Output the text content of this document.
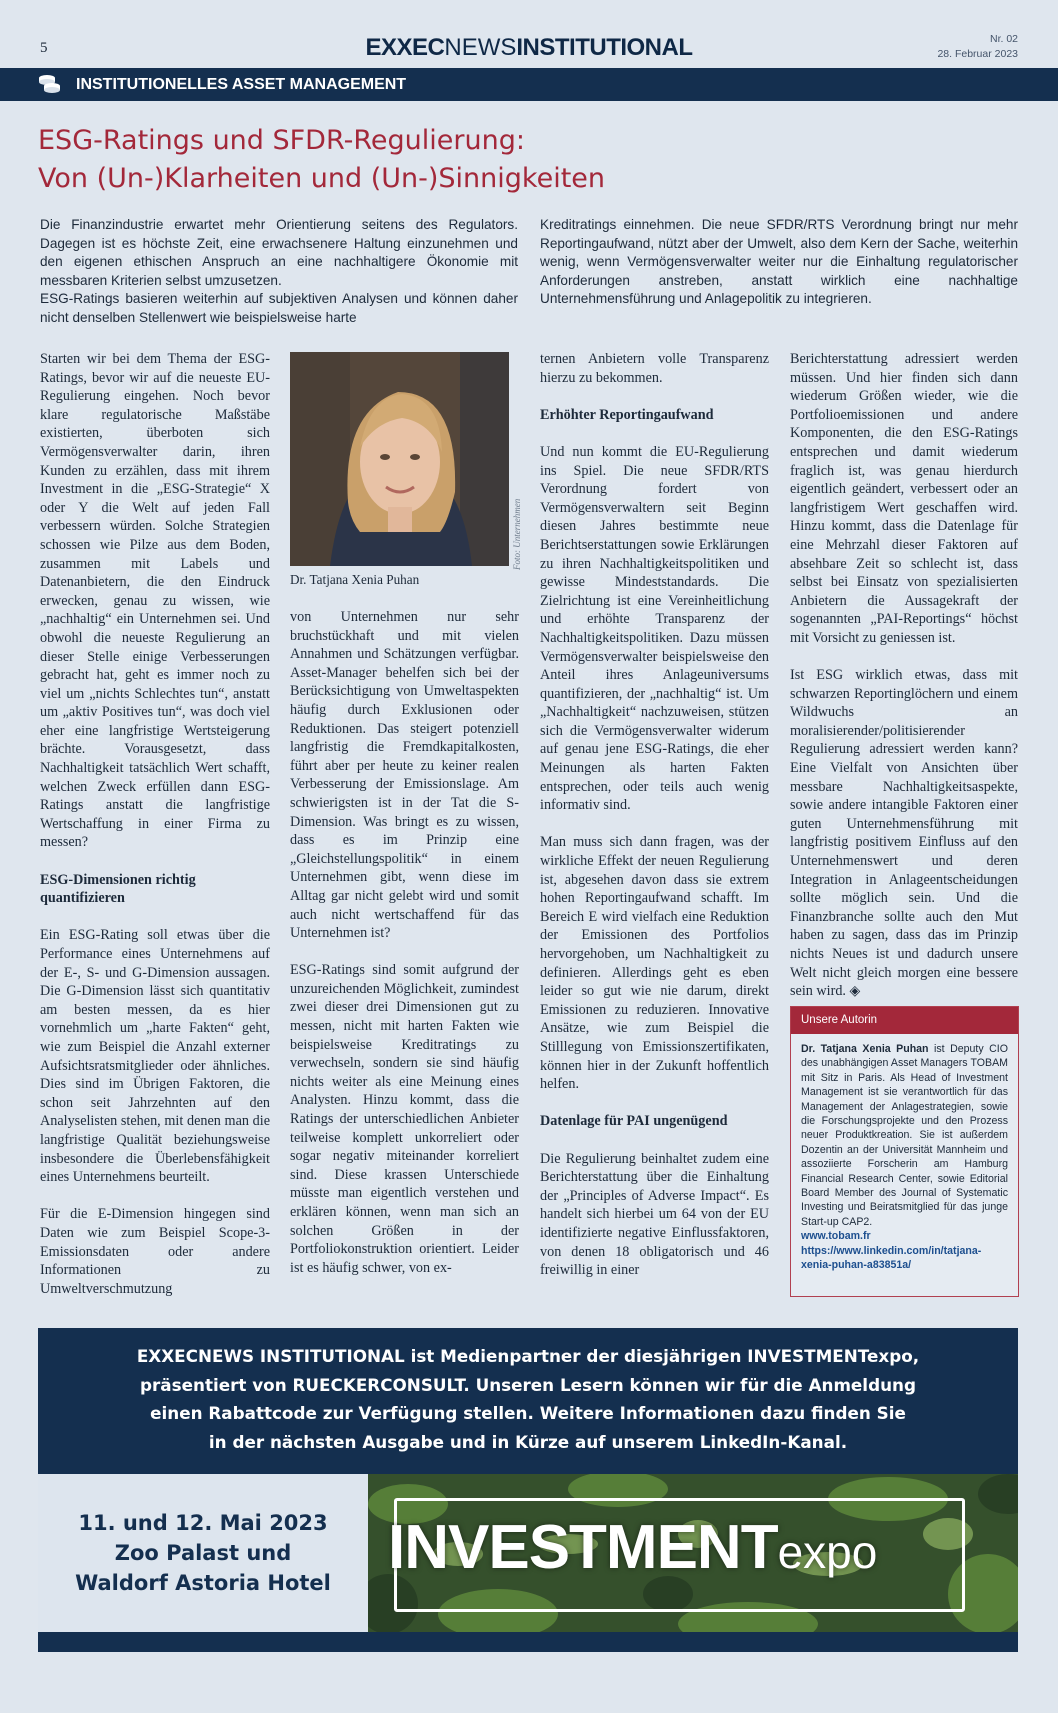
5	EXXECNEWSINSTITUTIONAL	Nr. 02
28. Februar 2023
INSTITUTIONELLES ASSET MANAGEMENT
ESG-Ratings und SFDR-Regulierung:
Von (Un-)Klarheiten und (Un-)Sinnigkeiten

Die Finanzindustrie erwartet mehr Orientierung seitens des Regulators. Dagegen ist es höchste Zeit, eine erwachsenere Haltung einzunehmen und den eigenen ethischen Anspruch an eine nachhaltigere Ökonomie mit messbaren Kriterien selbst umzusetzen.

ESG-Ratings basieren weiterhin auf subjektiven Analysen und können daher nicht denselben Stellenwert wie beispielsweise harte

Kreditratings einnehmen. Die neue SFDR/RTS Verordnung bringt nur mehr Reportingaufwand, nützt aber der Umwelt, also dem Kern der Sache, weiterhin wenig, wenn Vermögensverwalter weiter nur die Einhaltung regulatorischer Anforderungen anstreben, anstatt wirklich eine nachhaltige Unternehmensführung und Anlagepolitik zu integrieren.

Starten wir bei dem Thema der ESG-Ratings, bevor wir auf die neueste EU-Regulierung eingehen. Noch bevor klare regulatorische Maßstäbe existierten, überboten sich Vermögensverwalter darin, ihren Kunden zu erzählen, dass mit ihrem Investment in die „ESG-Strategie“ X oder Y die Welt auf jeden Fall verbessern würden. Solche Strategien schossen wie Pilze aus dem Boden, zusammen mit Labels und Datenanbietern, die den Eindruck erwecken, genau zu wissen, wie „nachhaltig“ ein Unternehmen sei. Und obwohl die neueste Regulierung an dieser Stelle einige Verbesserungen gebracht hat, geht es immer noch zu viel um „nichts Schlechtes tun“, anstatt um „aktiv Positives tun“, was doch viel eher eine langfristige Wertsteigerung brächte. Vorausgesetzt, dass Nachhaltigkeit tatsächlich Wert schafft, welchen Zweck erfüllen dann ESG-Ratings anstatt die langfristige Wertschaffung in einer Firma zu messen?

ESG-Dimensionen richtig quantifizieren

Ein ESG-Rating soll etwas über die Performance eines Unternehmens auf der E-, S- und G-Dimension aussagen. Die G-Dimension lässt sich quantitativ am besten messen, da es hier vornehmlich um „harte Fakten“ geht, wie zum Beispiel die Anzahl externer Aufsichtsratsmitglieder oder ähnliches. Dies sind im Übrigen Faktoren, die schon seit Jahrzehnten auf den Analyselisten stehen, mit denen man die langfristige Qualität beziehungsweise insbesondere die Überlebensfähigkeit eines Unternehmens beurteilt.

Für die E-Dimension hingegen sind Daten wie zum Beispiel Scope-3-Emissionsdaten oder andere Informationen zu Umweltverschmutzung

Foto: Unternehmen
Dr. Tatjana Xenia Puhan

von Unternehmen nur sehr bruchstückhaft und mit vielen Annahmen und Schätzungen verfügbar. Asset-Manager behelfen sich bei der Berücksichtigung von Umweltaspekten häufig durch Exklusionen oder Reduktionen. Das steigert potenziell langfristig die Fremdkapitalkosten, führt aber per heute zu keiner realen Verbesserung der Emissionslage. Am schwierigsten ist in der Tat die S-Dimension. Was bringt es zu wissen, dass es im Prinzip eine „Gleichstellungspolitik“ in einem Unternehmen gibt, wenn diese im Alltag gar nicht gelebt wird und somit auch nicht wertschaffend für das Unternehmen ist?

ESG-Ratings sind somit aufgrund der unzureichenden Möglichkeit, zumindest zwei dieser drei Dimensionen gut zu messen, nicht mit harten Fakten wie beispielsweise Kreditratings zu verwechseln, sondern sie sind häufig nichts weiter als eine Meinung eines Analysten. Hinzu kommt, dass die Ratings der unterschiedlichen Anbieter teilweise komplett unkorreliert oder sogar negativ miteinander korreliert sind. Diese krassen Unterschiede müsste man eigentlich verstehen und erklären können, wenn man sich an solchen Größen in der Portfoliokonstruktion orientiert. Leider ist es häufig schwer, von ex-

ternen Anbietern volle Transparenz hierzu zu bekommen.

Erhöhter Reportingaufwand

Und nun kommt die EU-Regulierung ins Spiel. Die neue SFDR/RTS Verordnung fordert von Vermögensverwaltern seit Beginn diesen Jahres bestimmte neue Berichtserstattungen sowie Erklärungen zu ihren Nachhaltigkeitspolitiken und gewisse Mindeststandards. Die Zielrichtung ist eine Vereinheitlichung und erhöhte Transparenz der Nachhaltigkeitspolitiken. Dazu müssen Vermögensverwalter beispielsweise den Anteil ihres Anlageuniversums quantifizieren, der „nachhaltig“ ist. Um „Nachhaltigkeit“ nachzuweisen, stützen sich die Vermögensverwalter widerum auf genau jene ESG-Ratings, die eher Meinungen als harten Fakten entsprechen, oder teils auch wenig informativ sind.

Man muss sich dann fragen, was der wirkliche Effekt der neuen Regulierung ist, abgesehen davon dass sie extrem hohen Reportingaufwand schafft. Im Bereich E wird vielfach eine Reduktion der Emissionen des Portfolios hervorgehoben, um Nachhaltigkeit zu definieren. Allerdings geht es eben leider so gut wie nie darum, direkt Emissionen zu reduzieren. Innovative Ansätze, wie zum Beispiel die Stilllegung von Emissionszertifikaten, können hier in der Zukunft hoffentlich helfen.

Datenlage für PAI ungenügend

Die Regulierung beinhaltet zudem eine Berichterstattung über die Einhaltung der „Principles of Adverse Impact“. Es handelt sich hierbei um 64 von der EU identifizierte negative Einflussfaktoren, von denen 18 obligatorisch und 46 freiwillig in einer

Berichterstattung adressiert werden müssen. Und hier finden sich dann wiederum Größen wieder, wie die Portfolioemissionen und andere Komponenten, die den ESG-Ratings entsprechen und damit wiederum fraglich ist, was genau hierdurch eigentlich geändert, verbessert oder an langfristigem Wert geschaffen wird. Hinzu kommt, dass die Datenlage für eine Mehrzahl dieser Faktoren auf absehbare Zeit so schlecht ist, dass selbst bei Einsatz von spezialisierten Anbietern die Aussagekraft der sogenannten „PAI-Reportings“ höchst mit Vorsicht zu geniessen ist.

Ist ESG wirklich etwas, dass mit schwarzen Reportinglöchern und einem Wildwuchs an moralisierender/politisierender Regulierung adressiert werden kann? Eine Vielfalt von Ansichten über messbare Nachhaltigkeitsaspekte, sowie andere intangible Faktoren einer guten Unternehmensführung mit langfristig positivem Einfluss auf den Unternehmenswert und deren Integration in Anlageentscheidungen sollte möglich sein. Und die Finanzbranche sollte auch den Mut haben zu sagen, dass das im Prinzip nichts Neues ist und dadurch unsere Welt nicht gleich morgen eine bessere sein wird. ◈

Unsere Autorin
Dr. Tatjana Xenia Puhan ist Deputy CIO des unabhängigen Asset Managers TOBAM mit Sitz in Paris. Als Head of Investment Management ist sie verantwortlich für das Management der Anlagestrategien, sowie die Forschungsprojekte und den Prozess neuer Produktkreation. Sie ist außerdem Dozentin an der Universität Mannheim und assoziierte Forscherin am Hamburg Financial Research Center, sowie Editorial Board Member des Journal of Systematic Investing und Beiratsmitglied für das junge Start-up CAP2.
www.tobam.fr
https://www.linkedin.com/in/tatjana-xenia-puhan-a83851a/
EXXECNEWS INSTITUTIONAL ist Medienpartner der diesjährigen INVESTMENTexpo,
präsentiert von RUECKERCONSULT. Unseren Lesern können wir für die Anmeldung
einen Rabattcode zur Verfügung stellen. Weitere Informationen dazu finden Sie
in der nächsten Ausgabe und in Kürze auf unserem LinkedIn-Kanal.
11. und 12. Mai 2023
Zoo Palast und
Waldorf Astoria Hotel
INVESTMENTexpo
